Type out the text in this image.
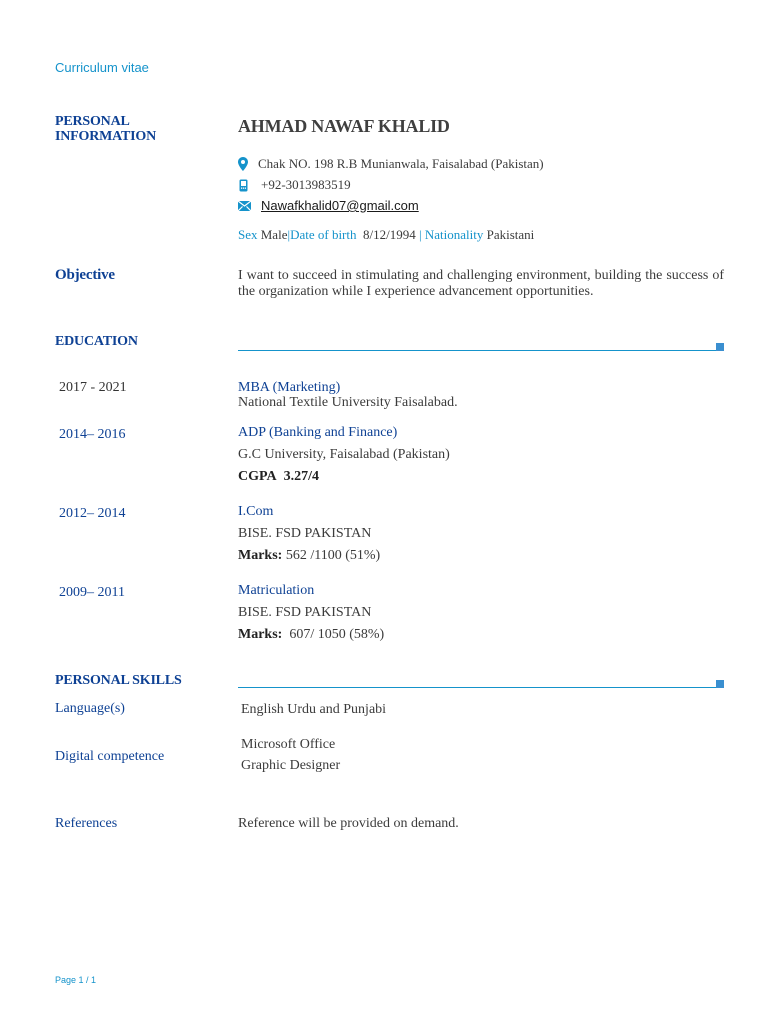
Curriculum vitae
PERSONAL
INFORMATION
AHMAD NAWAF KHALID
Chak NO. 198 R.B Munianwala, Faisalabad (Pakistan)
+92-3013983519
Nawafkhalid07@gmail.com
Sex Male|Date of birth 8/12/1994 | Nationality Pakistani
Objective	I want to succeed in stimulating and challenging environment, building the success of the organization while I experience advancement opportunities.
EDUCATION
2017 - 2021	MBA (Marketing)
National Textile University Faisalabad.
2014– 2016	ADP (Banking and Finance)
G.C University, Faisalabad (Pakistan)
CGPA 3.27/4
2012– 2014	I.Com
BISE. FSD PAKISTAN
Marks: 562 /1100 (51%)
2009– 2011	Matriculation
BISE. FSD PAKISTAN
Marks: 607/ 1050 (58%)
PERSONAL SKILLS
Language(s)	English Urdu and Punjabi
Digital competence
Microsoft Office
Graphic Designer
References	Reference will be provided on demand.
Page 1 / 1
